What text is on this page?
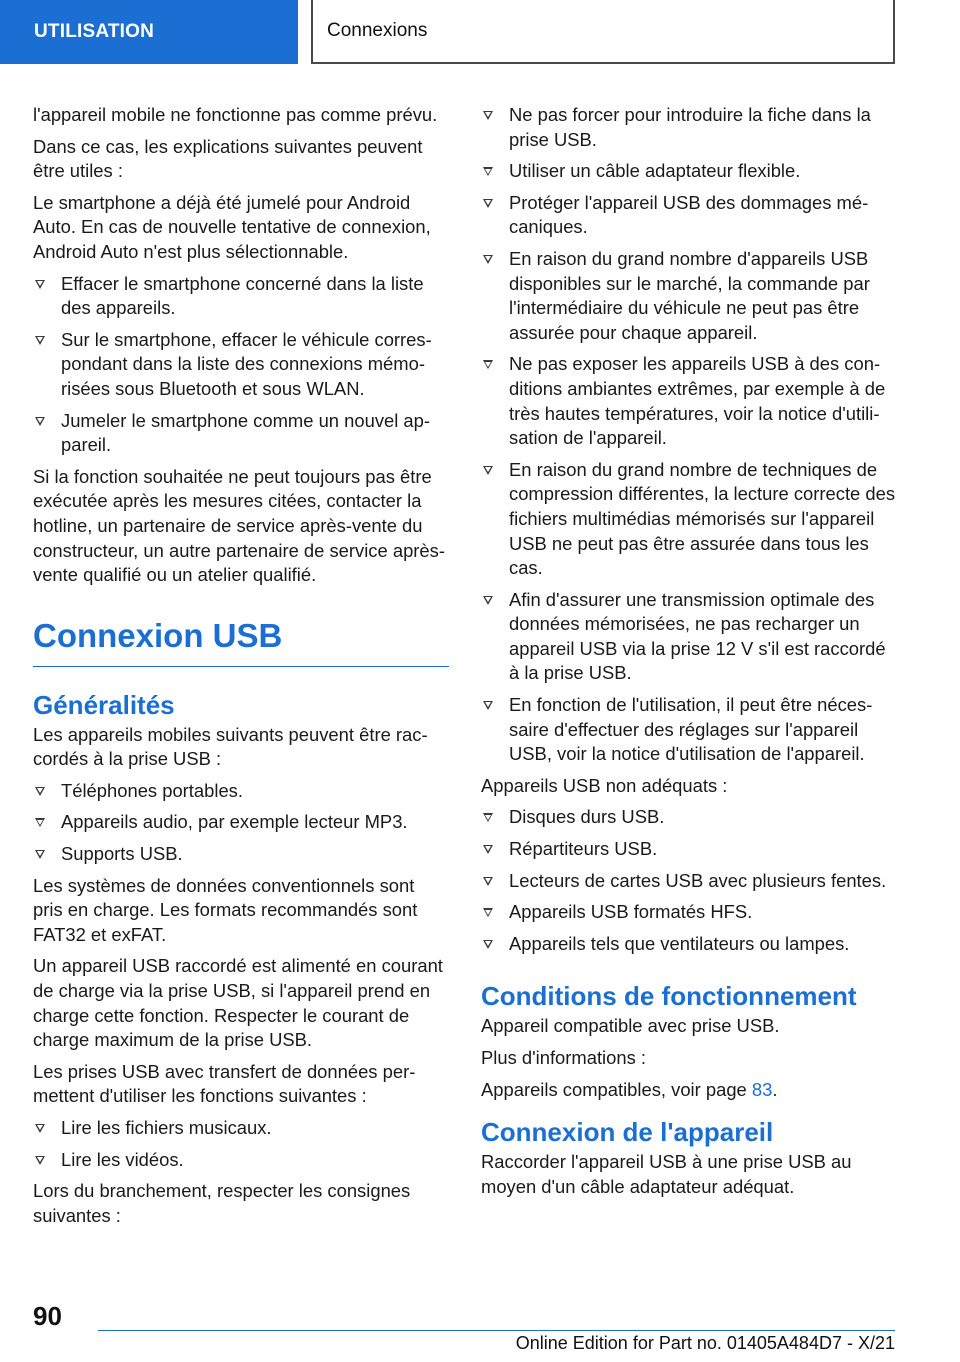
UTILISATION	Connexions

l'appareil mobile ne fonctionne pas comme prévu.

Dans ce cas, les explications suivantes peuvent être utiles :

Le smartphone a déjà été jumelé pour Android Auto. En cas de nouvelle tentative de connexion, Android Auto n'est plus sélectionnable.

Effacer le smartphone concerné dans la liste des appareils.
Sur le smartphone, effacer le véhicule correspondant dans la liste des connexions mémorisées sous Bluetooth et sous WLAN.
Jumeler le smartphone comme un nouvel appareil.

Si la fonction souhaitée ne peut toujours pas être exécutée après les mesures citées, contacter la hotline, un partenaire de service après-vente du constructeur, un autre partenaire de service après-vente qualifié ou un atelier qualifié.

Connexion USB
Généralités

Les appareils mobiles suivants peuvent être raccordés à la prise USB :

Téléphones portables.
Appareils audio, par exemple lecteur MP3.
Supports USB.

Les systèmes de données conventionnels sont pris en charge. Les formats recommandés sont FAT32 et exFAT.

Un appareil USB raccordé est alimenté en courant de charge via la prise USB, si l'appareil prend en charge cette fonction. Respecter le courant de charge maximum de la prise USB.

Les prises USB avec transfert de données permettent d'utiliser les fonctions suivantes :

Lire les fichiers musicaux.
Lire les vidéos.

Lors du branchement, respecter les consignes suivantes :

Ne pas forcer pour introduire la fiche dans la prise USB.
Utiliser un câble adaptateur flexible.
Protéger l'appareil USB des dommages mécaniques.
En raison du grand nombre d'appareils USB disponibles sur le marché, la commande par l'intermédiaire du véhicule ne peut pas être assurée pour chaque appareil.
Ne pas exposer les appareils USB à des conditions ambiantes extrêmes, par exemple à de très hautes températures, voir la notice d'utilisation de l'appareil.
En raison du grand nombre de techniques de compression différentes, la lecture correcte des fichiers multimédias mémorisés sur l'appareil USB ne peut pas être assurée dans tous les cas.
Afin d'assurer une transmission optimale des données mémorisées, ne pas recharger un appareil USB via la prise 12 V s'il est raccordé à la prise USB.
En fonction de l'utilisation, il peut être nécessaire d'effectuer des réglages sur l'appareil USB, voir la notice d'utilisation de l'appareil.

Appareils USB non adéquats :

Disques durs USB.
Répartiteurs USB.
Lecteurs de cartes USB avec plusieurs fentes.
Appareils USB formatés HFS.
Appareils tels que ventilateurs ou lampes.
Conditions de fonctionnement

Appareil compatible avec prise USB.

Plus d'informations :

Appareils compatibles, voir page 83.

Connexion de l'appareil

Raccorder l'appareil USB à une prise USB au moyen d'un câble adaptateur adéquat.

90
Online Edition for Part no. 01405A484D7 - X/21
